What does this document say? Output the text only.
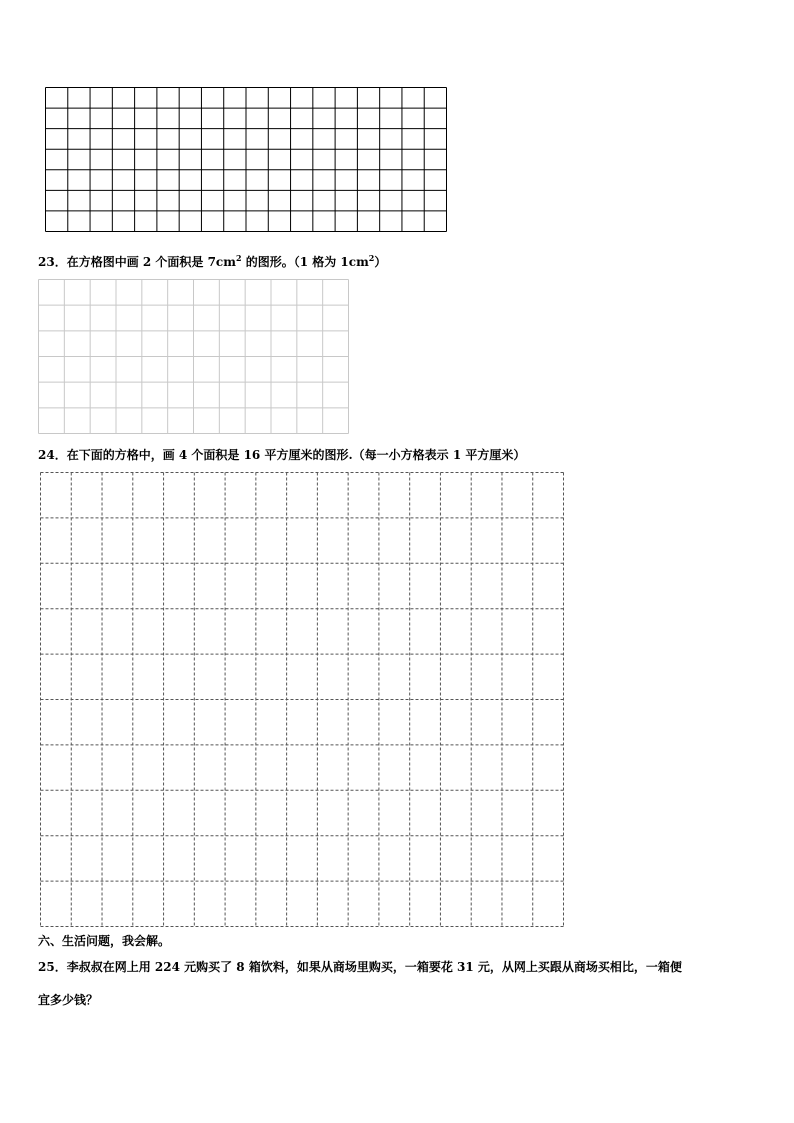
23．在方格图中画 2 个面积是 $7cm^2$ 的图形。（1 格为 $1cm^2$）
24．在下面的方格中，画 4 个面积是 16 平方厘米的图形.（每一小方格表示 1 平方厘米）
六、生活问题，我会解。
25．李叔叔在网上用 224 元购买了 8 箱饮料，如果从商场里购买，一箱要花 31 元，从网上买跟从商场买相比，一箱便
宜多少钱？
